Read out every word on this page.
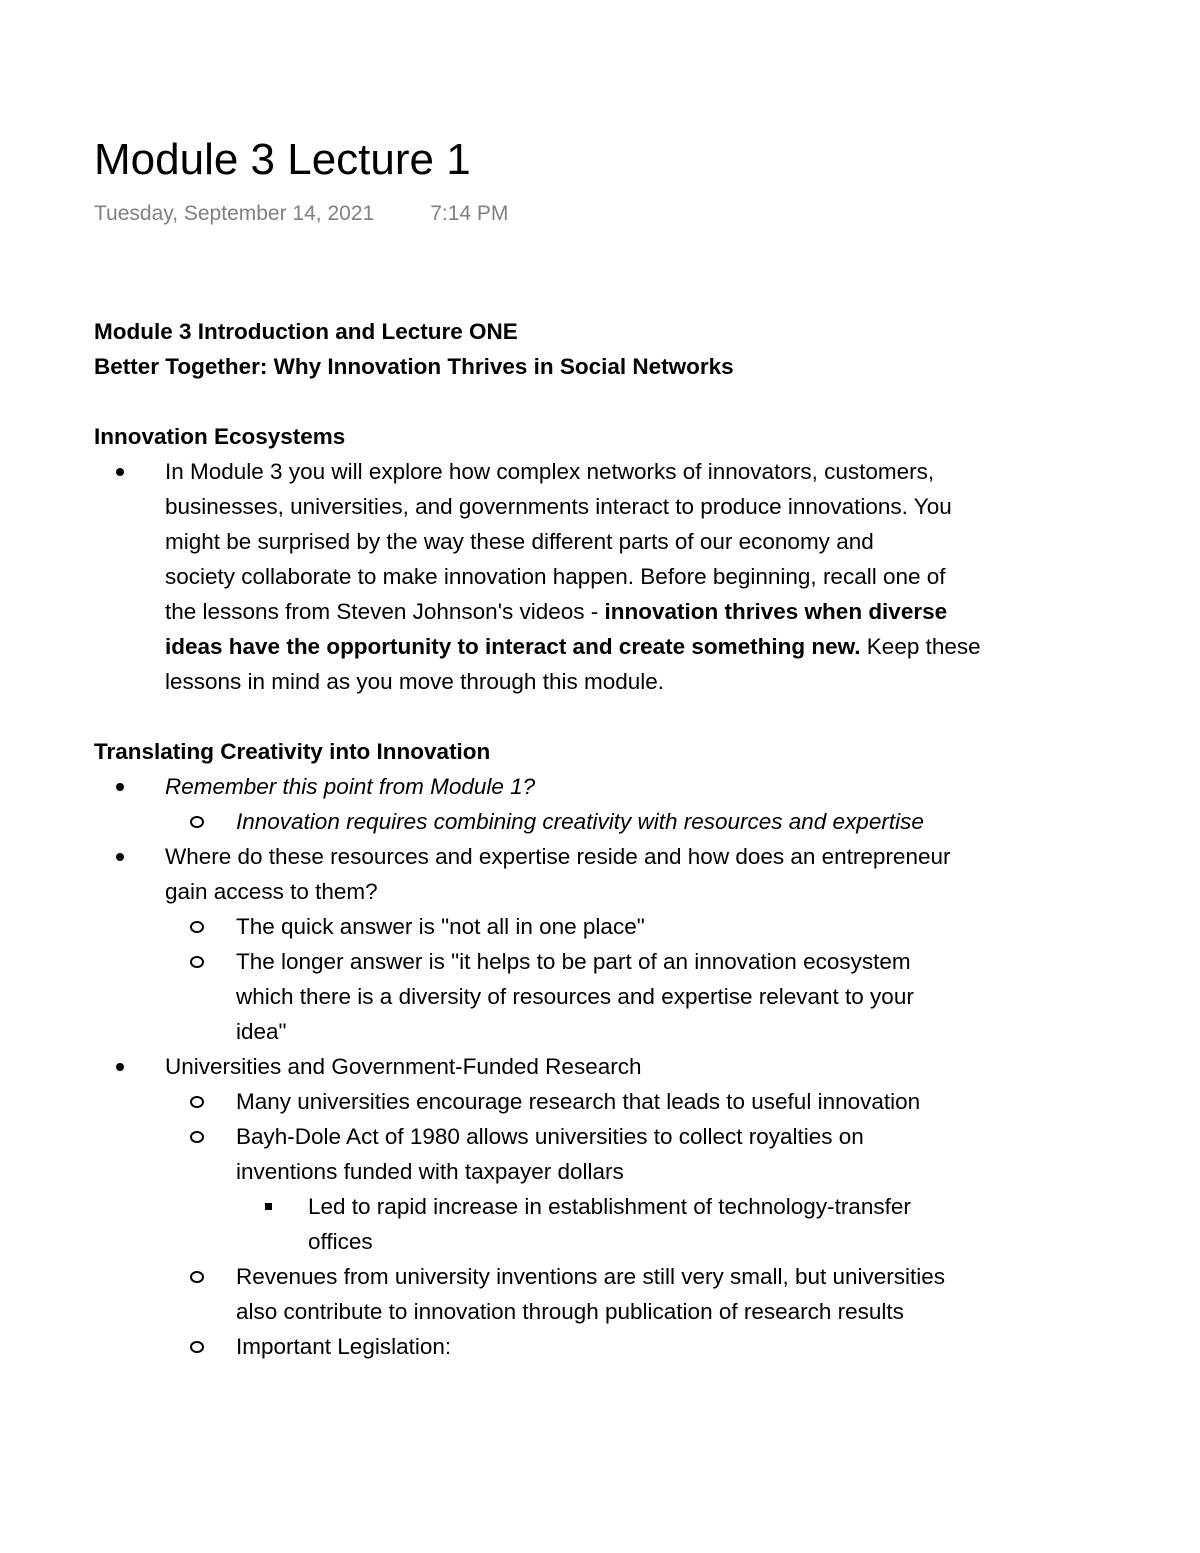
Module 3 Lecture 1
Tuesday, September 14, 2021	7:14 PM
Module 3 Introduction and Lecture ONE
Better Together: Why Innovation Thrives in Social Networks
Innovation Ecosystems
In Module 3 you will explore how complex networks of innovators, customers,
businesses, universities, and governments interact to produce innovations. You
might be surprised by the way these different parts of our economy and
society collaborate to make innovation happen. Before beginning, recall one of
the lessons from Steven Johnson's videos - innovation thrives when diverse
ideas have the opportunity to interact and create something new. Keep these
lessons in mind as you move through this module.
Translating Creativity into Innovation
Remember this point from Module 1?
Innovation requires combining creativity with resources and expertise
Where do these resources and expertise reside and how does an entrepreneur
gain access to them?
The quick answer is "not all in one place"
The longer answer is "it helps to be part of an innovation ecosystem
which there is a diversity of resources and expertise relevant to your
idea"
Universities and Government-Funded Research
Many universities encourage research that leads to useful innovation
Bayh-Dole Act of 1980 allows universities to collect royalties on
inventions funded with taxpayer dollars
Led to rapid increase in establishment of technology-transfer
offices
Revenues from university inventions are still very small, but universities
also contribute to innovation through publication of research results
Important Legislation:
